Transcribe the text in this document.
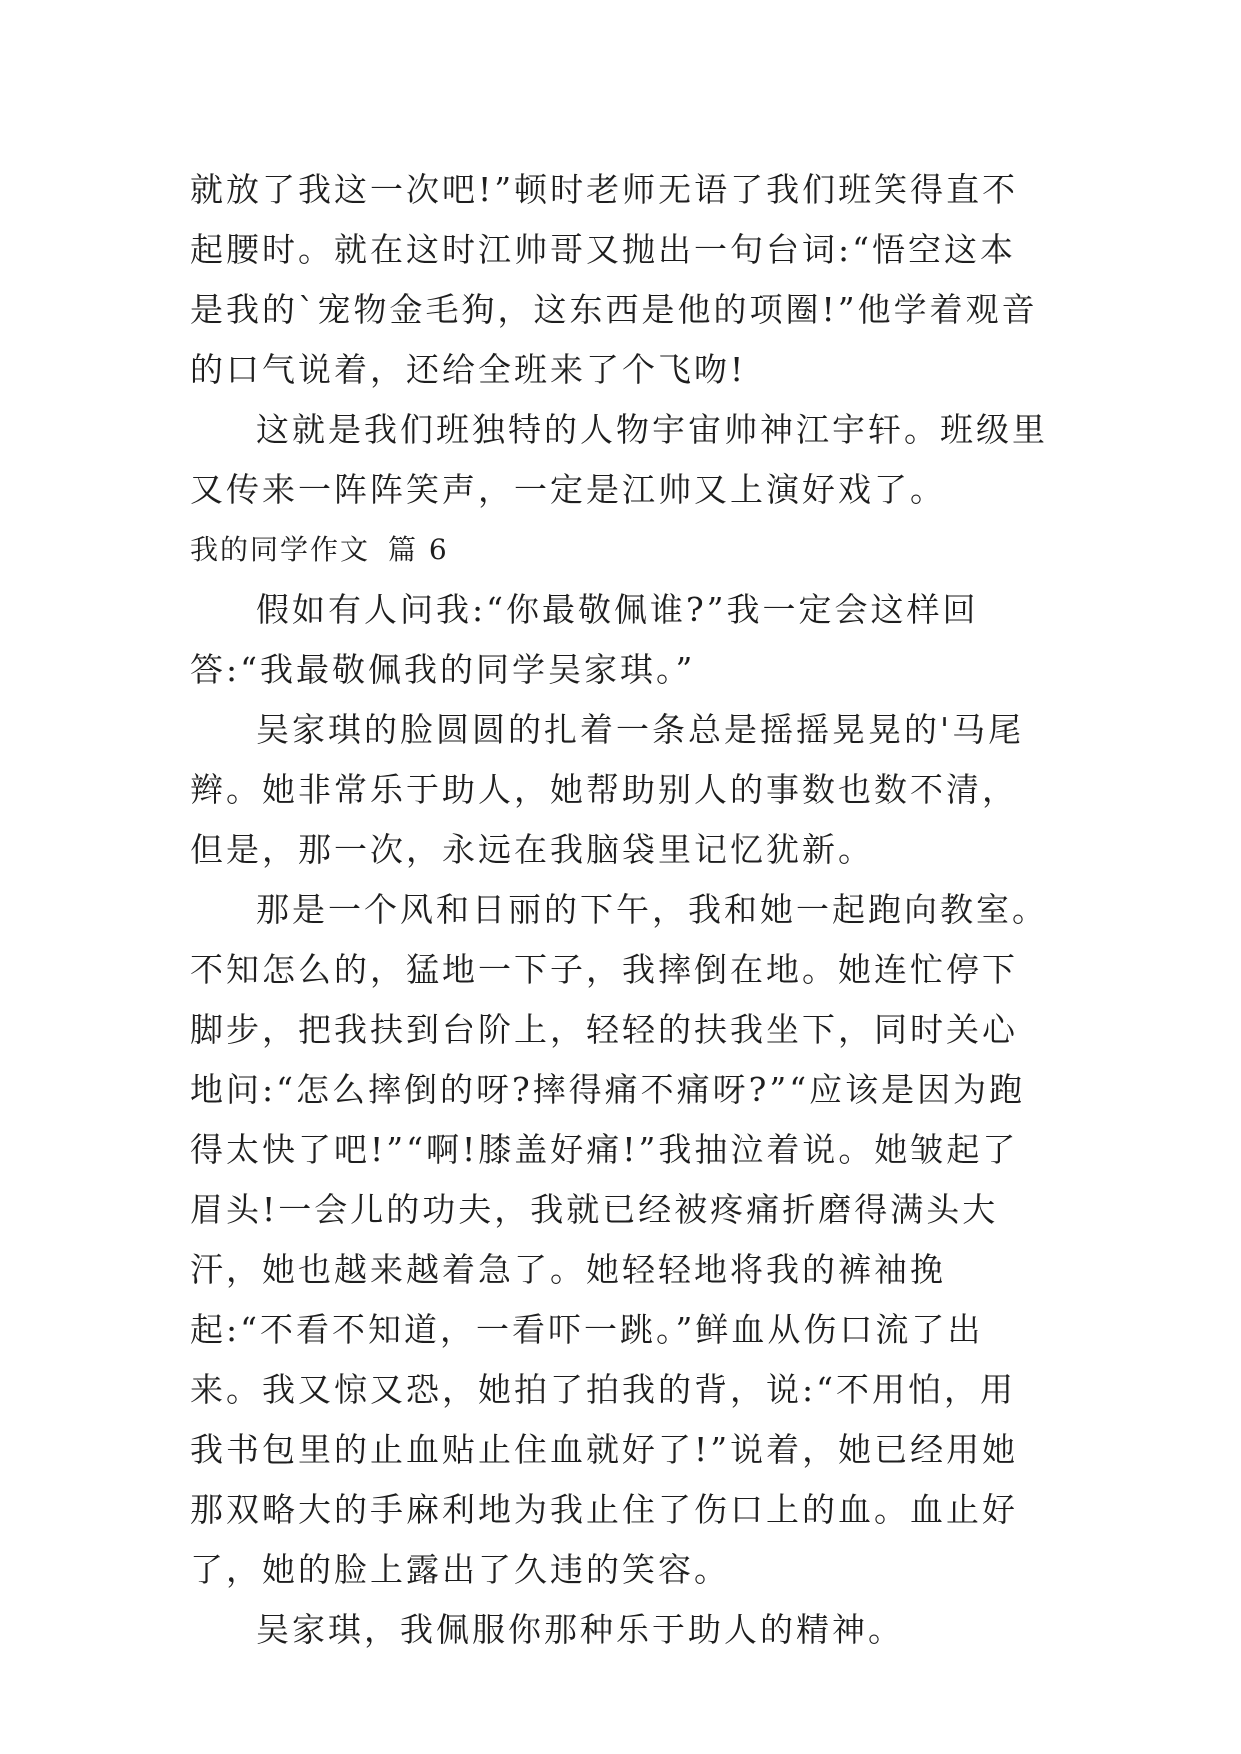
就放了我这一次吧!”顿时老师无语了我们班笑得直不起腰时。就在这时江帅哥又抛出一句台词:“悟空这本是我的`宠物金毛狗，这东西是他的项圈!”他学着观音的口气说着，还给全班来了个飞吻!

这就是我们班独特的人物宇宙帅神江宇轩。班级里又传来一阵阵笑声，一定是江帅又上演好戏了。

我的同学作文 篇 6

假如有人问我:“你最敬佩谁?”我一定会这样回答:“我最敬佩我的同学吴家琪。”

吴家琪的脸圆圆的扎着一条总是摇摇晃晃的'马尾辫。她非常乐于助人，她帮助别人的事数也数不清，但是，那一次，永远在我脑袋里记忆犹新。

那是一个风和日丽的下午，我和她一起跑向教室。不知怎么的，猛地一下子，我摔倒在地。她连忙停下脚步，把我扶到台阶上，轻轻的扶我坐下，同时关心地问:“怎么摔倒的呀?摔得痛不痛呀?”“应该是因为跑得太快了吧!”“啊!膝盖好痛!”我抽泣着说。她皱起了眉头!一会儿的功夫，我就已经被疼痛折磨得满头大汗，她也越来越着急了。她轻轻地将我的裤袖挽起:“不看不知道，一看吓一跳。”鲜血从伤口流了出来。我又惊又恐，她拍了拍我的背，说:“不用怕，用我书包里的止血贴止住血就好了!”说着，她已经用她那双略大的手麻利地为我止住了伤口上的血。血止好了，她的脸上露出了久违的笑容。

吴家琪，我佩服你那种乐于助人的精神。
